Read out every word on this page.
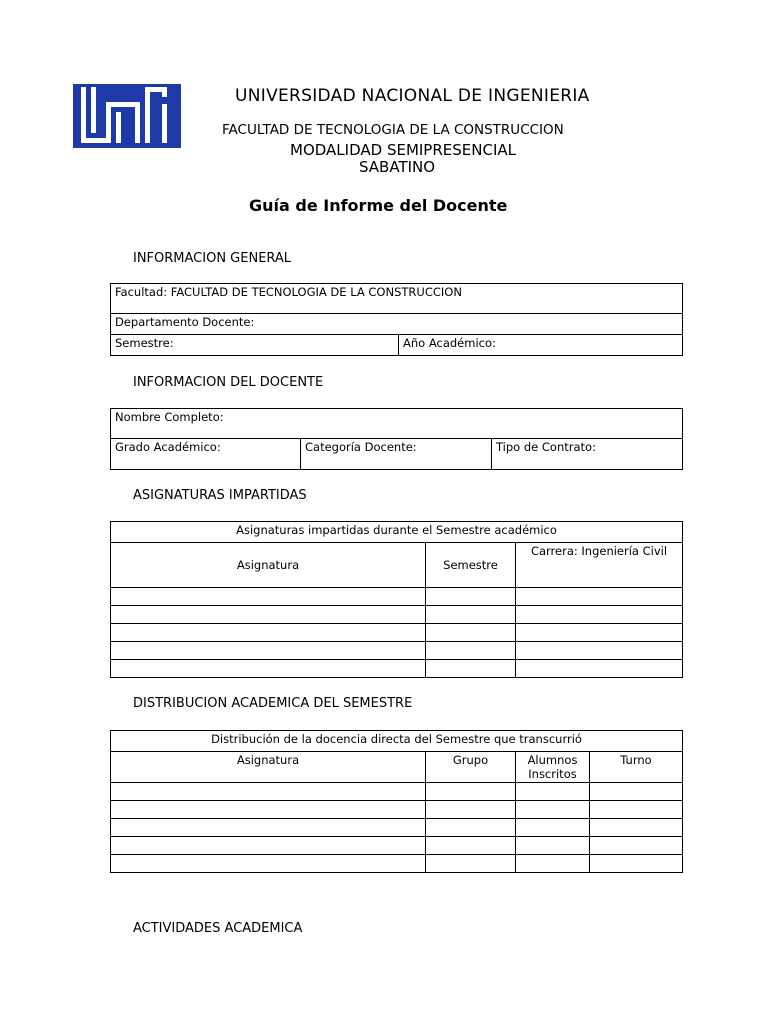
UNIVERSIDAD NACIONAL DE INGENIERIA
FACULTAD DE TECNOLOGIA DE LA CONSTRUCCION
MODALIDAD SEMIPRESENCIAL
SABATINO
Guía de Informe del Docente
INFORMACION GENERAL
Facultad: FACULTAD DE TECNOLOGIA DE LA CONSTRUCCION
Departamento Docente:
Semestre:	Año Académico:
INFORMACION DEL DOCENTE
Nombre Completo:
Grado Académico:	Categoría Docente:	Tipo de Contrato:
ASIGNATURAS IMPARTIDAS
Asignaturas impartidas durante el Semestre académico		
Asignatura	Semestre	Carrera: Ingeniería Civil

DISTRIBUCION ACADEMICA DEL SEMESTRE
Distribución de la docencia directa del Semestre que transcurrió			
Asignatura	Grupo	Alumnos Inscritos	Turno

ACTIVIDADES ACADEMICA
